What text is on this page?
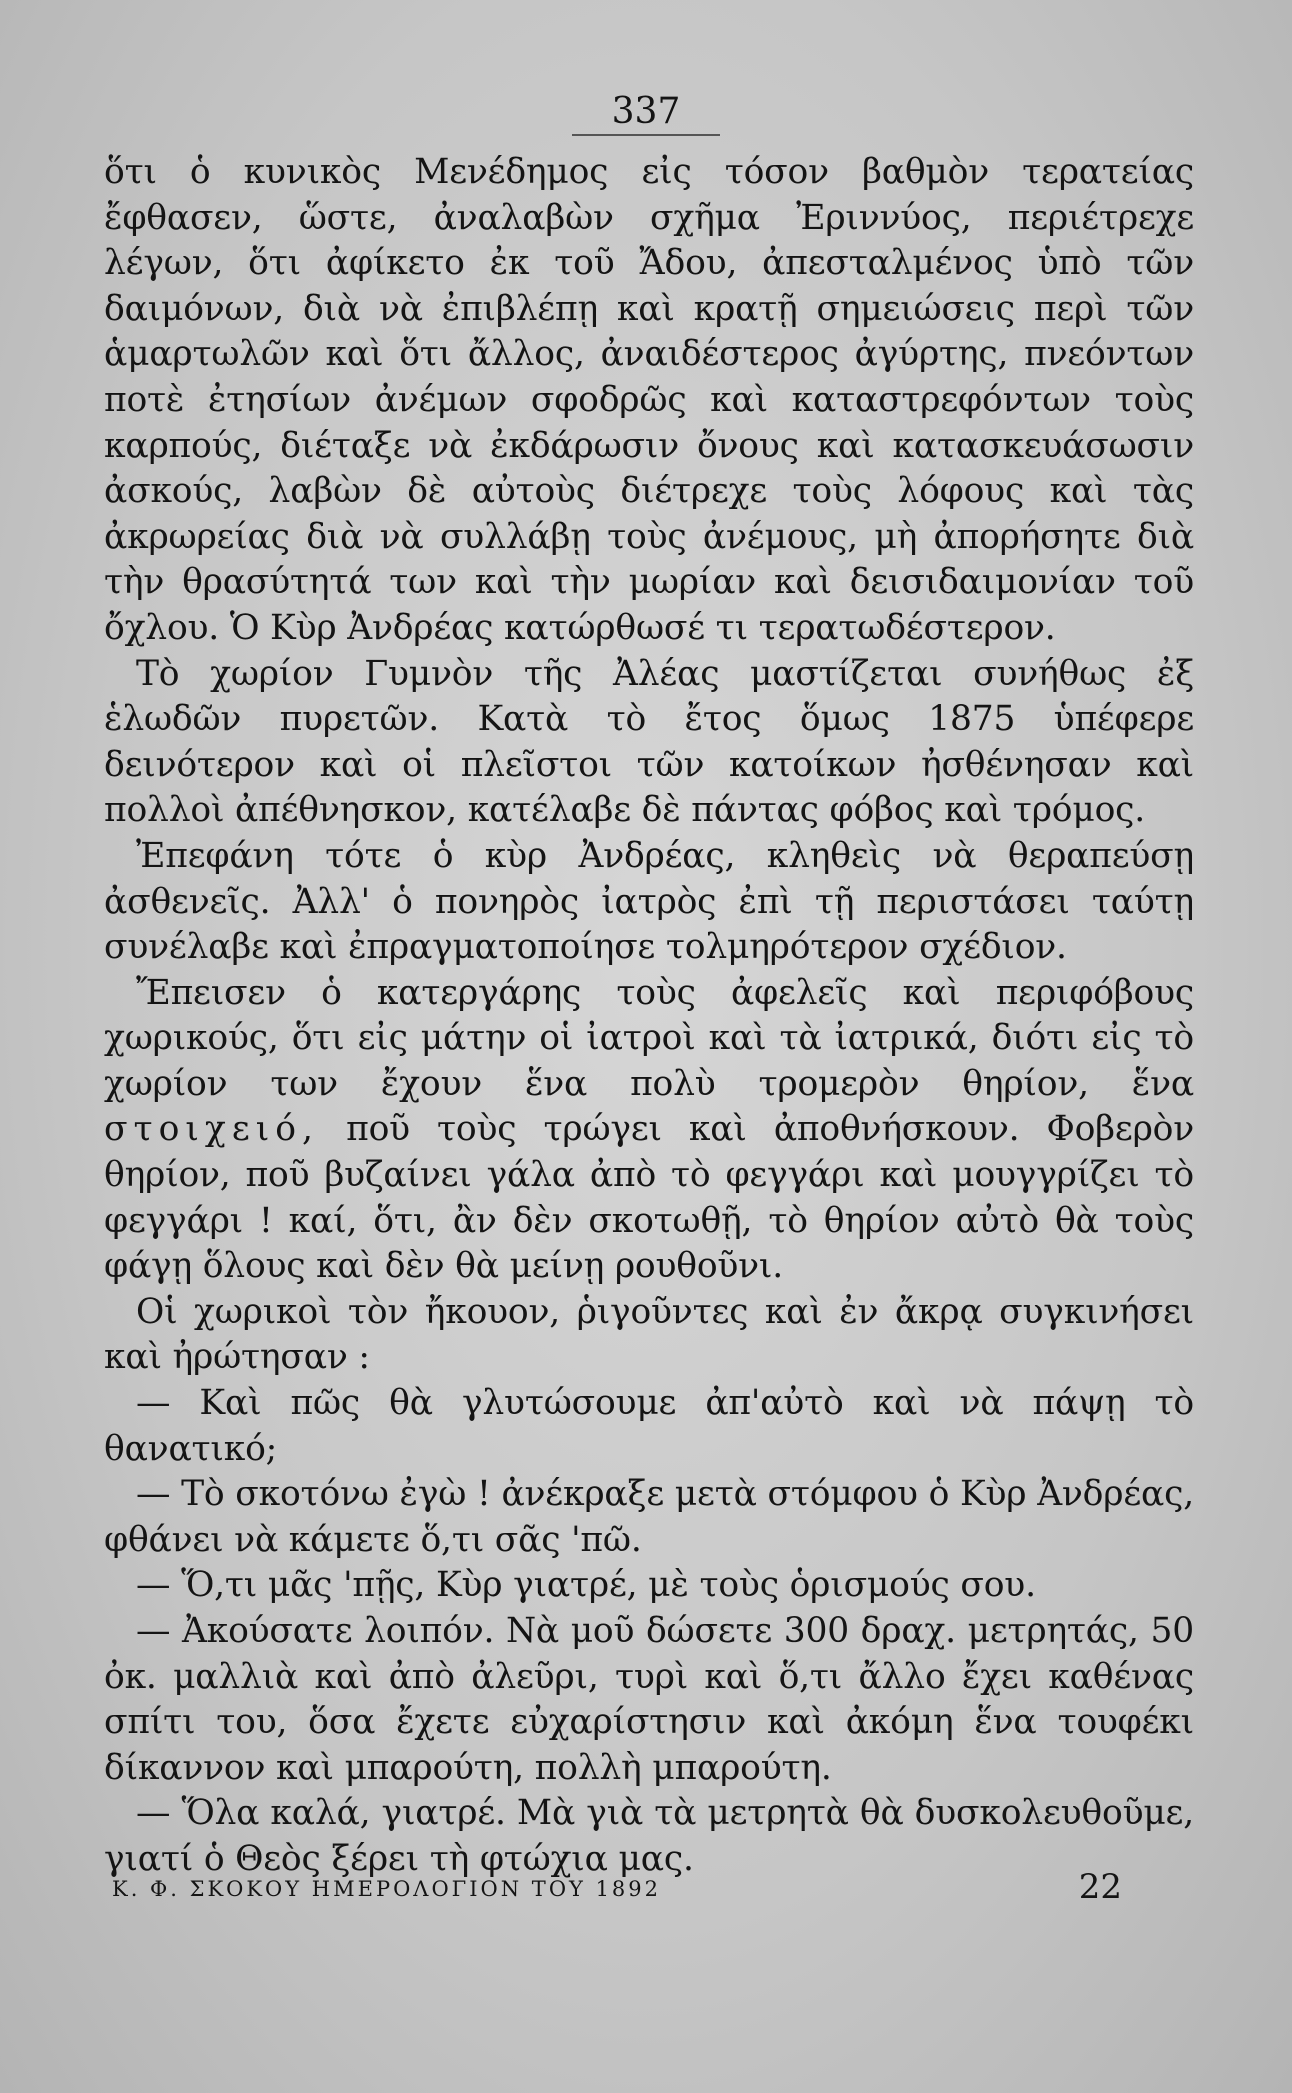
337

ὅτι ὁ κυνικὸς Μενέδημος εἰς τόσον βαθμὸν τερατείας ἔφθασεν, ὥστε, ἀναλαβὼν σχῆμα Ἐριννύος, περιέτρεχε λέγων, ὅτι ἀφίκετο ἐκ τοῦ Ἄδου, ἀπεσταλμένος ὑπὸ τῶν δαιμόνων, διὰ νὰ ἐπιβλέπῃ καὶ κρατῇ σημειώσεις περὶ τῶν ἁμαρτωλῶν καὶ ὅτι ἄλλος, ἀναιδέστερος ἀγύρτης, πνεόντων ποτὲ ἐτησίων ἀνέμων σφοδρῶς καὶ καταστρεφόντων τοὺς καρπούς, διέταξε νὰ ἐκδάρωσιν ὄνους καὶ κατασκευάσωσιν ἀσκούς, λαβὼν δὲ αὐτοὺς διέτρεχε τοὺς λόφους καὶ τὰς ἀκρωρείας διὰ νὰ συλλάβῃ τοὺς ἀνέμους, μὴ ἀπορήσητε διὰ τὴν θρασύτητά των καὶ τὴν μωρίαν καὶ δεισιδαιμονίαν τοῦ ὄχλου. Ὁ Κὺρ Ἀνδρέας κατώρθωσέ τι τερατωδέστερον.

Τὸ χωρίον Γυμνὸν τῆς Ἀλέας μαστίζεται συνήθως ἐξ ἑλωδῶν πυρετῶν. Κατὰ τὸ ἔτος ὅμως 1875 ὑπέφερε δεινότερον καὶ οἱ πλεῖστοι τῶν κατοίκων ἠσθένησαν καὶ πολλοὶ ἀπέθνησκον, κατέλαβε δὲ πάντας φόβος καὶ τρόμος.

Ἐπεφάνη τότε ὁ κὺρ Ἀνδρέας, κληθεὶς νὰ θεραπεύσῃ ἀσθενεῖς. Ἀλλ' ὁ πονηρὸς ἰατρὸς ἐπὶ τῇ περιστάσει ταύτῃ συνέλαβε καὶ ἐπραγματοποίησε τολμηρότερον σχέδιον.

Ἔπεισεν ὁ κατεργάρης τοὺς ἀφελεῖς καὶ περιφόβους χωρικούς, ὅτι εἰς μάτην οἱ ἰατροὶ καὶ τὰ ἰατρικά, διότι εἰς τὸ χωρίον των ἔχουν ἕνα πολὺ τρομερὸν θηρίον, ἕνα στοιχειό, ποῦ τοὺς τρώγει καὶ ἀποθνήσκουν. Φοβερὸν θηρίον, ποῦ βυζαίνει γάλα ἀπὸ τὸ φεγγάρι καὶ μουγγρίζει τὸ φεγγάρι ! καί, ὅτι, ἂν δὲν σκοτωθῇ, τὸ θηρίον αὐτὸ θὰ τοὺς φάγῃ ὅλους καὶ δὲν θὰ μείνῃ ρουθοῦνι.

Οἱ χωρικοὶ τὸν ἤκουον, ῥιγοῦντες καὶ ἐν ἄκρᾳ συγκινήσει καὶ ἠρώτησαν :

— Καὶ πῶς θὰ γλυτώσουμε ἀπ'αὐτὸ καὶ νὰ πάψῃ τὸ θανατικό;

— Τὸ σκοτόνω ἐγὼ ! ἀνέκραξε μετὰ στόμφου ὁ Κὺρ Ἀνδρέας, φθάνει νὰ κάμετε ὅ,τι σᾶς 'πῶ.

— Ὅ,τι μᾶς 'πῇς, Κὺρ γιατρέ, μὲ τοὺς ὁρισμούς σου.

— Ἀκούσατε λοιπόν. Νὰ μοῦ δώσετε 300 δραχ. μετρητάς, 50 ὀκ. μαλλιὰ καὶ ἀπὸ ἀλεῦρι, τυρὶ καὶ ὅ,τι ἄλλο ἔχει καθένας σπίτι του, ὅσα ἔχετε εὐχαρίστησιν καὶ ἀκόμη ἕνα τουφέκι δίκαννον καὶ μπαρούτη, πολλὴ μπαρούτη.

— Ὅλα καλά, γιατρέ. Μὰ γιὰ τὰ μετρητὰ θὰ δυσκολευθοῦμε, γιατί ὁ Θεὸς ξέρει τὴ φτώχια μας.

Κ. Φ. ΣΚΟΚΟΥ ΗΜΕΡΟΛΟΓΙΟΝ ΤΟΥ 1892	22
